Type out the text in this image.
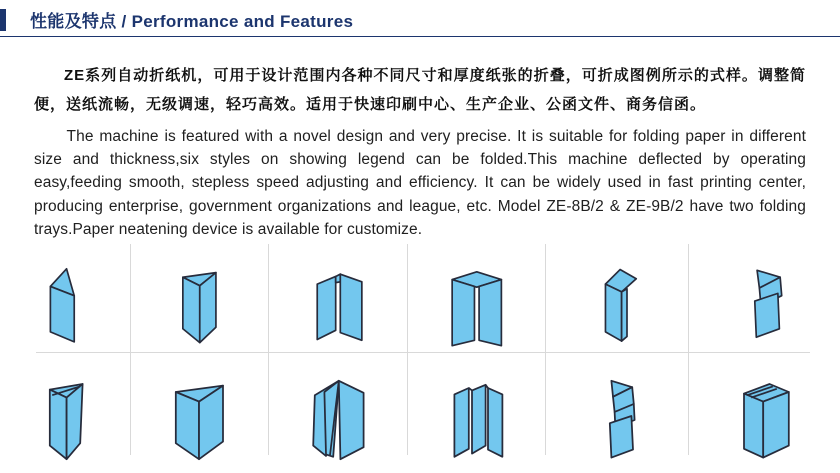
性能及特点 / Performance and Features

ZE系列自动折纸机，可用于设计范围内各种不同尺寸和厚度纸张的折叠，可折成图例所示的式样。调整简便，送纸流畅，无级调速，轻巧高效。适用于快速印刷中心、生产企业、公函文件、商务信函。

The machine is featured with a novel design and very precise. It is suitable for folding paper in different size and thickness,six styles on showing legend can be folded.This machine deflected by operating easy,feeding smooth, stepless speed adjusting and efficiency. It can be widely used in fast printing center, producing enterprise, government organizations and league, etc. Model ZE-8B/2 & ZE-9B/2 have two folding trays.Paper neatening device is available for customize.
